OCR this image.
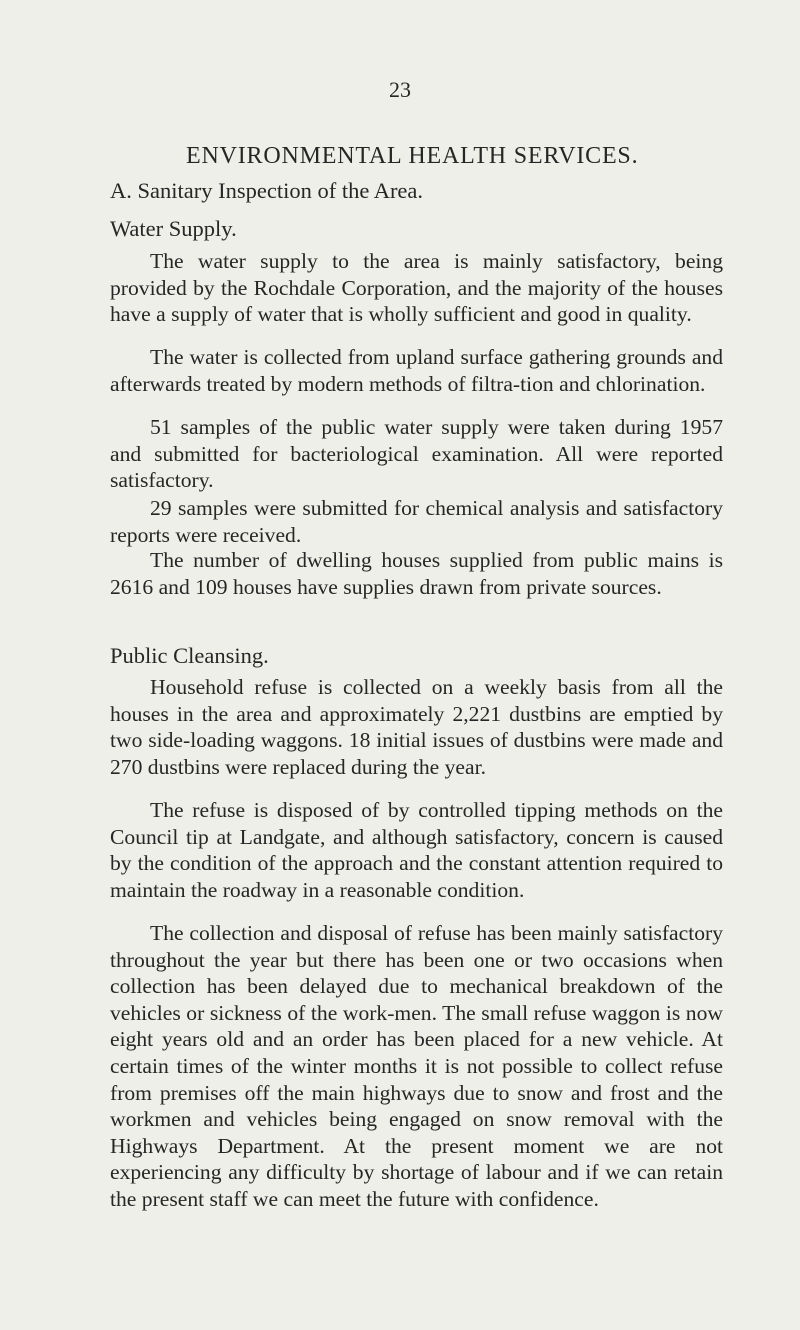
23
ENVIRONMENTAL HEALTH SERVICES.
A. Sanitary Inspection of the Area.
Water Supply.

The water supply to the area is mainly satisfactory, being provided by the Rochdale Corporation, and the majority of the houses have a supply of water that is wholly sufficient and good in quality.

The water is collected from upland surface gathering grounds and afterwards treated by modern methods of filtra-tion and chlorination.

51 samples of the public water supply were taken during 1957 and submitted for bacteriological examination. All were reported satisfactory.

29 samples were submitted for chemical analysis and satisfactory reports were received.

The number of dwelling houses supplied from public mains is 2616 and 109 houses have supplies drawn from private sources.

Public Cleansing.

Household refuse is collected on a weekly basis from all the houses in the area and approximately 2,221 dustbins are emptied by two side-loading waggons. 18 initial issues of dustbins were made and 270 dustbins were replaced during the year.

The refuse is disposed of by controlled tipping methods on the Council tip at Landgate, and although satisfactory, concern is caused by the condition of the approach and the constant attention required to maintain the roadway in a reasonable condition.

The collection and disposal of refuse has been mainly satisfactory throughout the year but there has been one or two occasions when collection has been delayed due to mechanical breakdown of the vehicles or sickness of the work-men. The small refuse waggon is now eight years old and an order has been placed for a new vehicle. At certain times of the winter months it is not possible to collect refuse from premises off the main highways due to snow and frost and the workmen and vehicles being engaged on snow removal with the Highways Department. At the present moment we are not experiencing any difficulty by shortage of labour and if we can retain the present staff we can meet the future with confidence.
